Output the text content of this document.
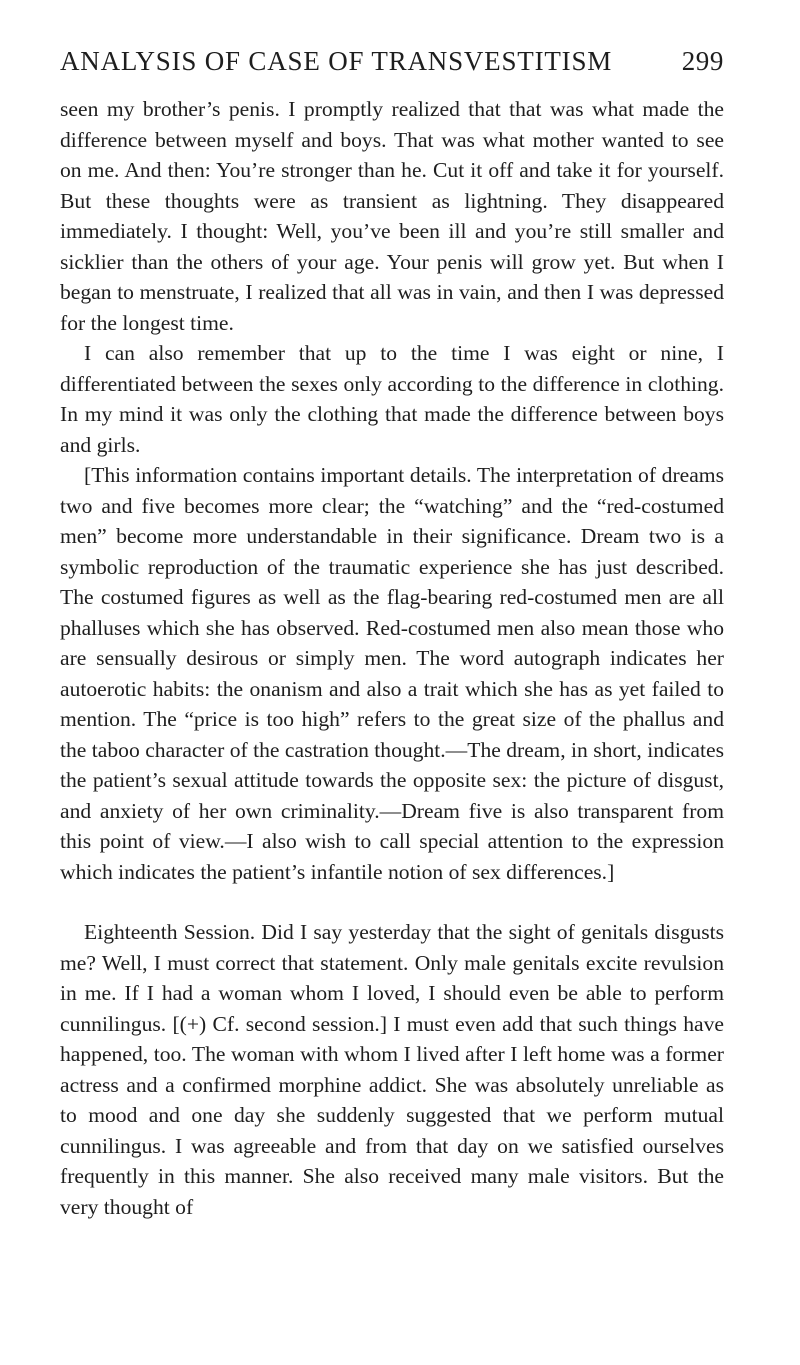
ANALYSIS OF CASE OF TRANSVESTITISM	299

seen my brother’s penis. I promptly realized that that was what made the difference between myself and boys. That was what mother wanted to see on me. And then: You’re stronger than he. Cut it off and take it for yourself. But these thoughts were as transient as lightning. They disappeared immediately. I thought: Well, you’ve been ill and you’re still smaller and sicklier than the others of your age. Your penis will grow yet. But when I began to menstruate, I realized that all was in vain, and then I was depressed for the longest time.

I can also remember that up to the time I was eight or nine, I differentiated between the sexes only according to the difference in clothing. In my mind it was only the clothing that made the difference between boys and girls.

[This information contains important details. The interpretation of dreams two and five becomes more clear; the “watching” and the “red-costumed men” become more understandable in their significance. Dream two is a symbolic reproduction of the traumatic experience she has just described. The costumed figures as well as the flag-bearing red-costumed men are all phalluses which she has observed. Red-costumed men also mean those who are sensually desirous or simply men. The word autograph indicates her autoerotic habits: the onanism and also a trait which she has as yet failed to mention. The “price is too high” refers to the great size of the phallus and the taboo character of the castration thought.—The dream, in short, indicates the patient’s sexual attitude towards the opposite sex: the picture of disgust, and anxiety of her own criminality.—Dream five is also transparent from this point of view.—I also wish to call special attention to the expression which indicates the patient’s infantile notion of sex differences.]

Eighteenth Session. Did I say yesterday that the sight of genitals disgusts me? Well, I must correct that statement. Only male genitals excite revulsion in me. If I had a woman whom I loved, I should even be able to perform cunnilingus. [(+) Cf. second session.] I must even add that such things have happened, too. The woman with whom I lived after I left home was a former actress and a confirmed morphine addict. She was absolutely unreliable as to mood and one day she suddenly suggested that we perform mutual cunnilingus. I was agreeable and from that day on we satisfied ourselves frequently in this manner. She also received many male visitors. But the very thought of
